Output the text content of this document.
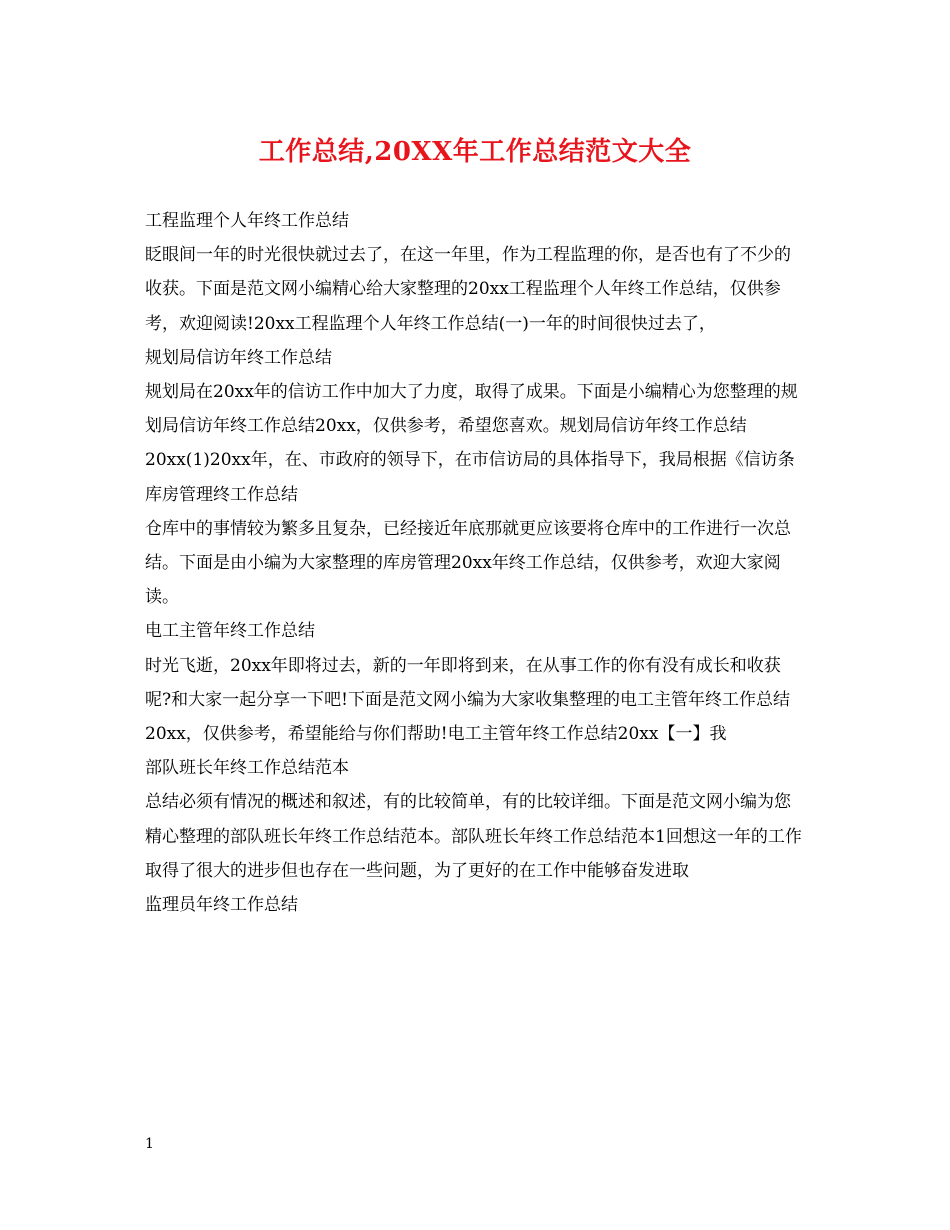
工作总结,20XX年工作总结范文大全

工程监理个人年终工作总结

眨眼间一年的时光很快就过去了，在这一年里，作为工程监理的你，是否也有了不少的收获。下面是范文网小编精心给大家整理的20xx工程监理个人年终工作总结，仅供参考，欢迎阅读!20xx工程监理个人年终工作总结(一)一年的时间很快过去了，

规划局信访年终工作总结

规划局在20xx年的信访工作中加大了力度，取得了成果。下面是小编精心为您整理的规划局信访年终工作总结20xx，仅供参考，希望您喜欢。规划局信访年终工作总结20xx(1)20xx年，在、市政府的领导下，在市信访局的具体指导下，我局根据《信访条

库房管理终工作总结

仓库中的事情较为繁多且复杂，已经接近年底那就更应该要将仓库中的工作进行一次总结。下面是由小编为大家整理的库房管理20xx年终工作总结，仅供参考，欢迎大家阅读。

电工主管年终工作总结

时光飞逝，20xx年即将过去，新的一年即将到来，在从事工作的你有没有成长和收获呢?和大家一起分享一下吧!下面是范文网小编为大家收集整理的电工主管年终工作总结20xx，仅供参考，希望能给与你们帮助!电工主管年终工作总结20xx【一】我

部队班长年终工作总结范本

总结必须有情况的概述和叙述，有的比较简单，有的比较详细。下面是范文网小编为您精心整理的部队班长年终工作总结范本。部队班长年终工作总结范本1回想这一年的工作取得了很大的进步但也存在一些问题，为了更好的在工作中能够奋发进取

监理员年终工作总结

1
